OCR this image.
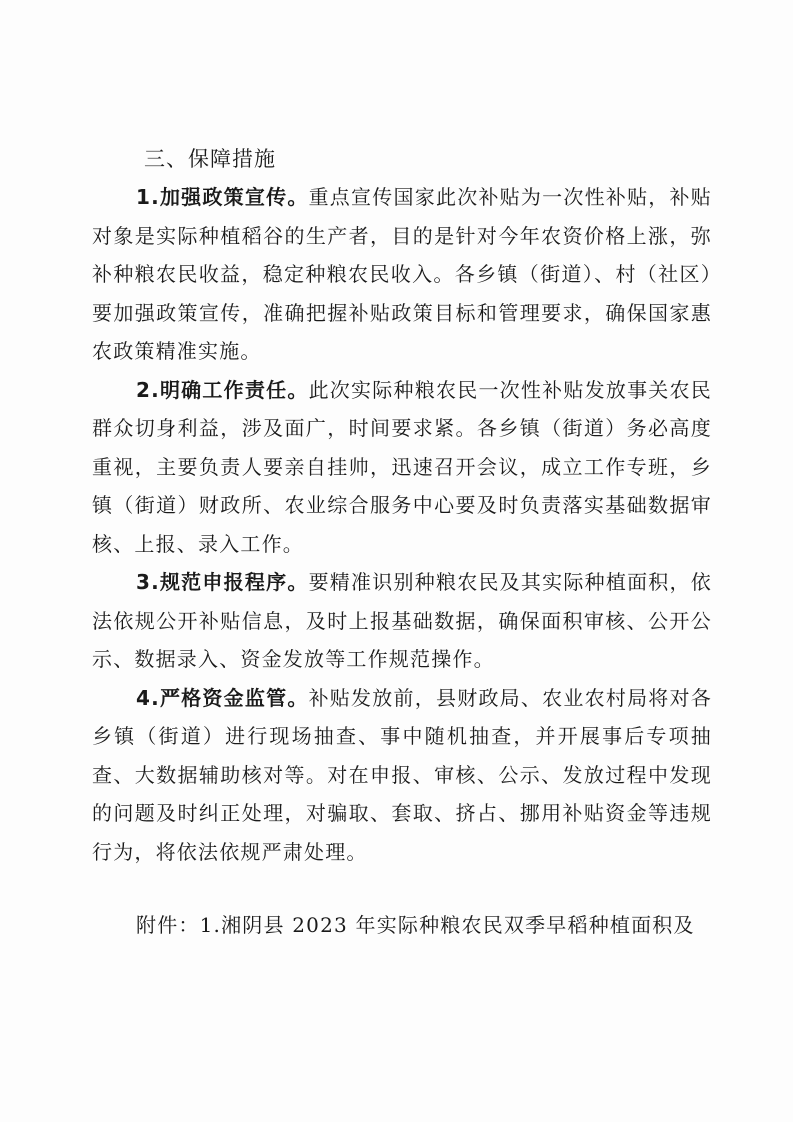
三、保障措施

1.加强政策宣传。重点宣传国家此次补贴为一次性补贴，补贴对象是实际种植稻谷的生产者，目的是针对今年农资价格上涨，弥补种粮农民收益，稳定种粮农民收入。各乡镇（街道）、村（社区）要加强政策宣传，准确把握补贴政策目标和管理要求，确保国家惠农政策精准实施。

2.明确工作责任。此次实际种粮农民一次性补贴发放事关农民群众切身利益，涉及面广，时间要求紧。各乡镇（街道）务必高度重视，主要负责人要亲自挂帅，迅速召开会议，成立工作专班，乡镇（街道）财政所、农业综合服务中心要及时负责落实基础数据审核、上报、录入工作。

3.规范申报程序。要精准识别种粮农民及其实际种植面积，依法依规公开补贴信息，及时上报基础数据，确保面积审核、公开公示、数据录入、资金发放等工作规范操作。

4.严格资金监管。补贴发放前，县财政局、农业农村局将对各乡镇（街道）进行现场抽查、事中随机抽查，并开展事后专项抽查、大数据辅助核对等。对在申报、审核、公示、发放过程中发现的问题及时纠正处理，对骗取、套取、挤占、挪用补贴资金等违规行为，将依法依规严肃处理。

附件：1.湘阴县 2023 年实际种粮农民双季早稻种植面积及
